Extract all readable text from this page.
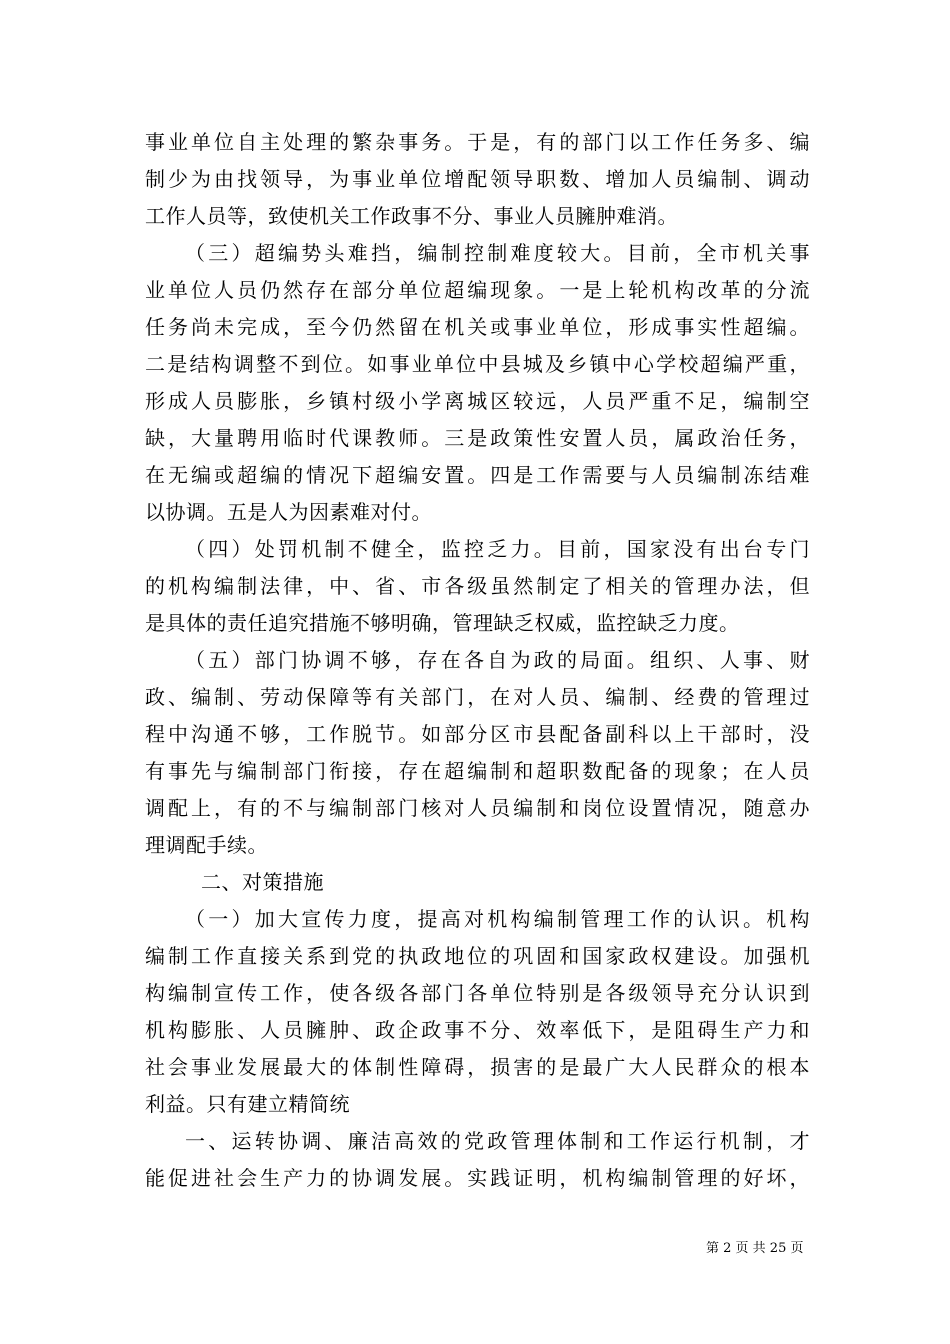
事业单位自主处理的繁杂事务。于是，有的部门以工作任务多、编
制少为由找领导，为事业单位增配领导职数、增加人员编制、调动
工作人员等，致使机关工作政事不分、事业人员臃肿难消。
（三）超编势头难挡，编制控制难度较大。目前，全市机关事
业单位人员仍然存在部分单位超编现象。一是上轮机构改革的分流
任务尚未完成，至今仍然留在机关或事业单位，形成事实性超编。
二是结构调整不到位。如事业单位中县城及乡镇中心学校超编严重，
形成人员膨胀，乡镇村级小学离城区较远，人员严重不足，编制空
缺，大量聘用临时代课教师。三是政策性安置人员，属政治任务，
在无编或超编的情况下超编安置。四是工作需要与人员编制冻结难
以协调。五是人为因素难对付。
（四）处罚机制不健全，监控乏力。目前，国家没有出台专门
的机构编制法律，中、省、市各级虽然制定了相关的管理办法，但
是具体的责任追究措施不够明确，管理缺乏权威，监控缺乏力度。
（五）部门协调不够，存在各自为政的局面。组织、人事、财
政、编制、劳动保障等有关部门，在对人员、编制、经费的管理过
程中沟通不够，工作脱节。如部分区市县配备副科以上干部时，没
有事先与编制部门衔接，存在超编制和超职数配备的现象；在人员
调配上，有的不与编制部门核对人员编制和岗位设置情况，随意办
理调配手续。
二、对策措施
（一）加大宣传力度，提高对机构编制管理工作的认识。机构
编制工作直接关系到党的执政地位的巩固和国家政权建设。加强机
构编制宣传工作，使各级各部门各单位特别是各级领导充分认识到
机构膨胀、人员臃肿、政企政事不分、效率低下，是阻碍生产力和
社会事业发展最大的体制性障碍，损害的是最广大人民群众的根本
利益。只有建立精简统
一、运转协调、廉洁高效的党政管理体制和工作运行机制，才
能促进社会生产力的协调发展。实践证明，机构编制管理的好坏，
第 2 页 共 25 页
